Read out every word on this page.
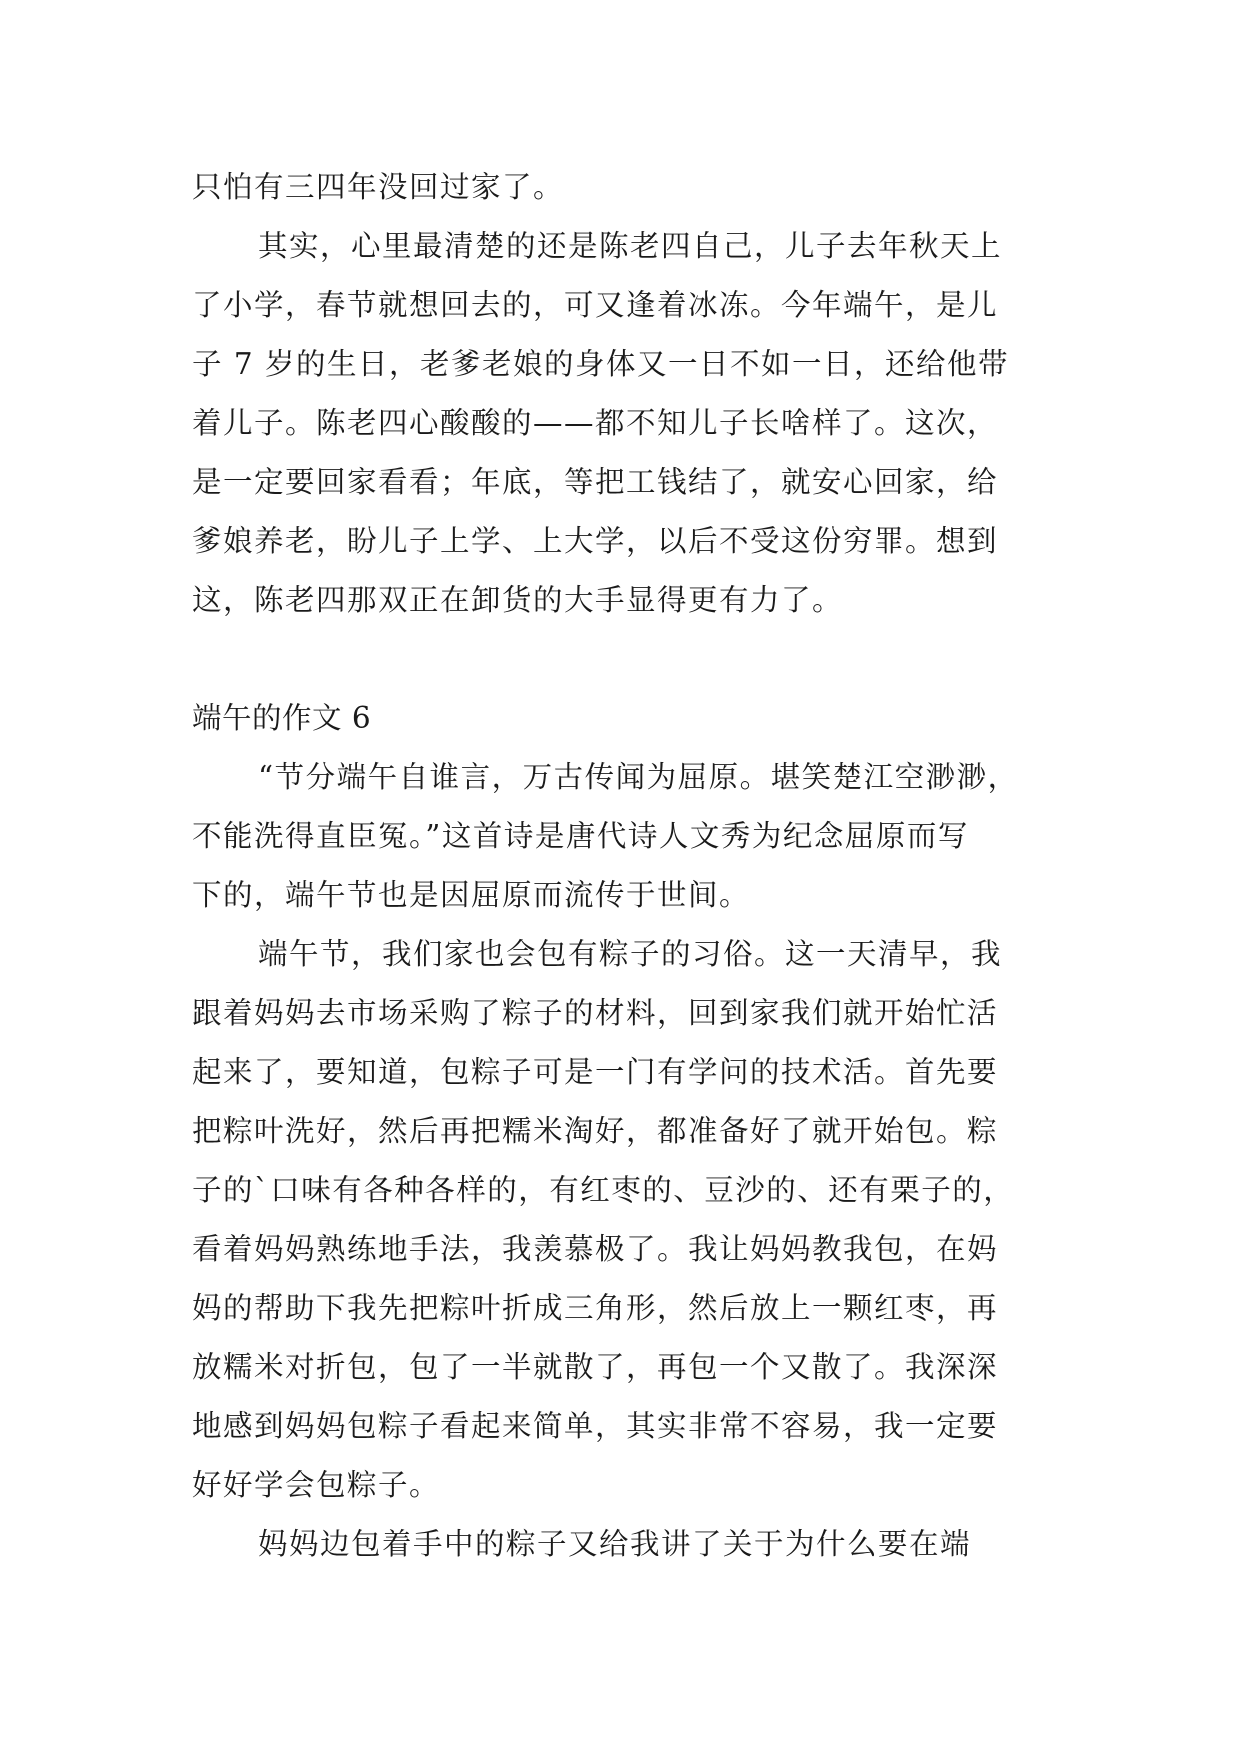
只怕有三四年没回过家了。
其实，心里最清楚的还是陈老四自己，儿子去年秋天上
了小学，春节就想回去的，可又逢着冰冻。今年端午，是儿
子 7 岁的生日，老爹老娘的身体又一日不如一日，还给他带
着儿子。陈老四心酸酸的——都不知儿子长啥样了。这次，
是一定要回家看看；年底，等把工钱结了，就安心回家，给
爹娘养老，盼儿子上学、上大学，以后不受这份穷罪。想到
这，陈老四那双正在卸货的大手显得更有力了。
端午的作文 6
“节分端午自谁言，万古传闻为屈原。堪笑楚江空渺渺，
不能洗得直臣冤。”这首诗是唐代诗人文秀为纪念屈原而写
下的，端午节也是因屈原而流传于世间。
端午节，我们家也会包有粽子的习俗。这一天清早，我
跟着妈妈去市场采购了粽子的材料，回到家我们就开始忙活
起来了，要知道，包粽子可是一门有学问的技术活。首先要
把粽叶洗好，然后再把糯米淘好，都准备好了就开始包。粽
子的`口味有各种各样的，有红枣的、豆沙的、还有栗子的，
看着妈妈熟练地手法，我羡慕极了。我让妈妈教我包，在妈
妈的帮助下我先把粽叶折成三角形，然后放上一颗红枣，再
放糯米对折包，包了一半就散了，再包一个又散了。我深深
地感到妈妈包粽子看起来简单，其实非常不容易，我一定要
好好学会包粽子。
妈妈边包着手中的粽子又给我讲了关于为什么要在端
